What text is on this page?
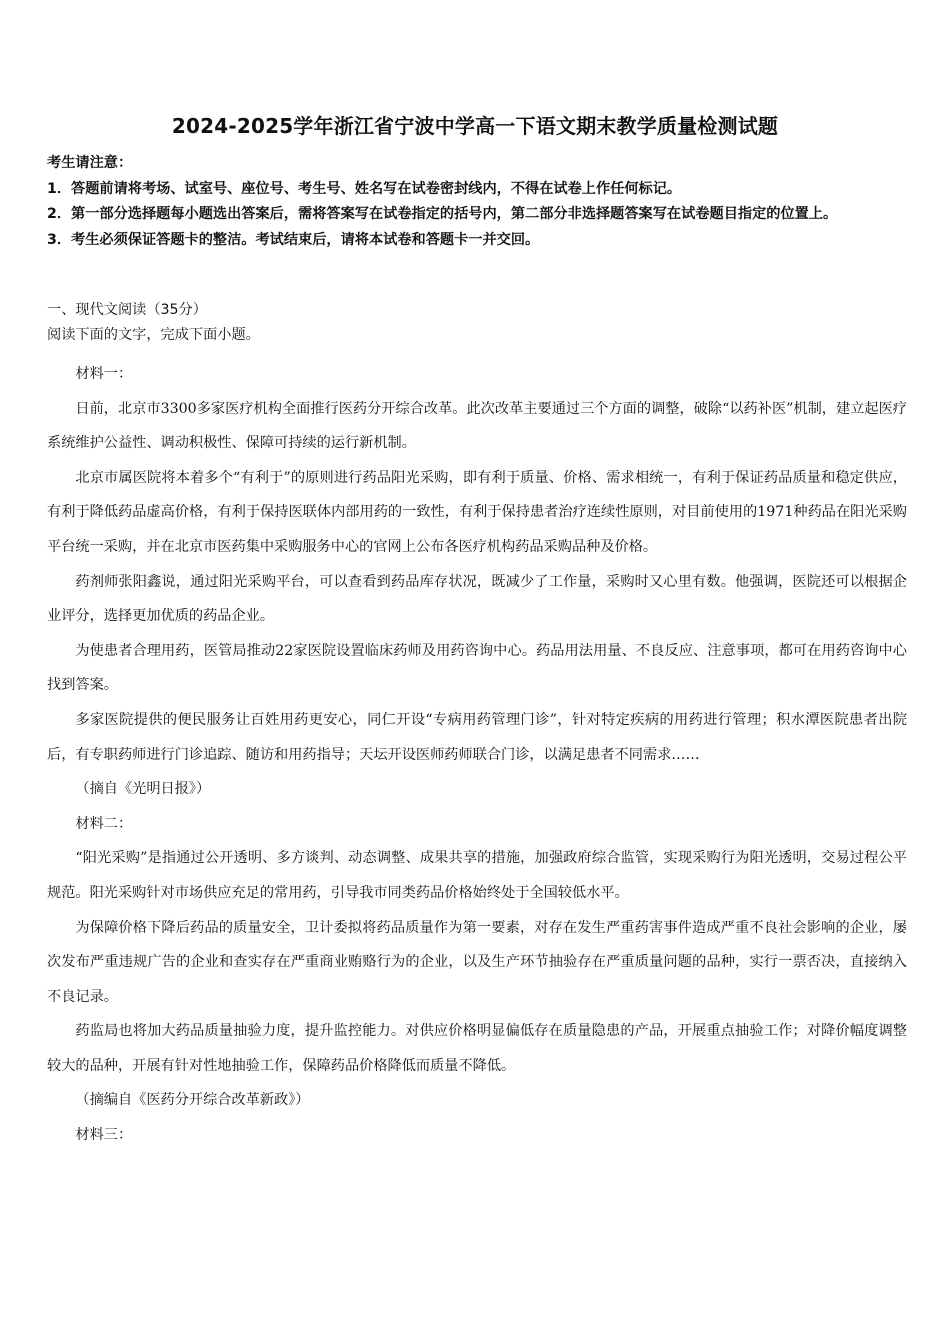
2024-2025学年浙江省宁波中学高一下语文期末教学质量检测试题
考生请注意：
1．答题前请将考场、试室号、座位号、考生号、姓名写在试卷密封线内，不得在试卷上作任何标记。
2．第一部分选择题每小题选出答案后，需将答案写在试卷指定的括号内，第二部分非选择题答案写在试卷题目指定的位置上。
3．考生必须保证答题卡的整洁。考试结束后，请将本试卷和答题卡一并交回。
一、现代文阅读（35分）
阅读下面的文字，完成下面小题。

材料一：

日前，北京市3300多家医疗机构全面推行医药分开综合改革。此次改革主要通过三个方面的调整，破除“以药补医”机制，建立起医疗系统维护公益性、调动积极性、保障可持续的运行新机制。

北京市属医院将本着多个“有利于”的原则进行药品阳光采购，即有利于质量、价格、需求相统一，有利于保证药品质量和稳定供应，有利于降低药品虚高价格，有利于保持医联体内部用药的一致性，有利于保持患者治疗连续性原则，对目前使用的1971种药品在阳光采购平台统一采购，并在北京市医药集中采购服务中心的官网上公布各医疗机构药品采购品种及价格。

药剂师张阳鑫说，通过阳光采购平台，可以查看到药品库存状况，既减少了工作量，采购时又心里有数。他强调，医院还可以根据企业评分，选择更加优质的药品企业。

为使患者合理用药，医管局推动22家医院设置临床药师及用药咨询中心。药品用法用量、不良反应、注意事项，都可在用药咨询中心找到答案。

多家医院提供的便民服务让百姓用药更安心，同仁开设“专病用药管理门诊”，针对特定疾病的用药进行管理；积水潭医院患者出院后，有专职药师进行门诊追踪、随访和用药指导；天坛开设医师药师联合门诊，以满足患者不同需求……

（摘自《光明日报》）

材料二：

“阳光采购”是指通过公开透明、多方谈判、动态调整、成果共享的措施，加强政府综合监管，实现采购行为阳光透明，交易过程公平规范。阳光采购针对市场供应充足的常用药，引导我市同类药品价格始终处于全国较低水平。

为保障价格下降后药品的质量安全，卫计委拟将药品质量作为第一要素，对存在发生严重药害事件造成严重不良社会影响的企业，屡次发布严重违规广告的企业和查实存在严重商业贿赂行为的企业，以及生产环节抽验存在严重质量问题的品种，实行一票否决，直接纳入不良记录。

药监局也将加大药品质量抽验力度，提升监控能力。对供应价格明显偏低存在质量隐患的产品，开展重点抽验工作；对降价幅度调整较大的品种，开展有针对性地抽验工作，保障药品价格降低而质量不降低。

（摘编自《医药分开综合改革新政》）

材料三：
